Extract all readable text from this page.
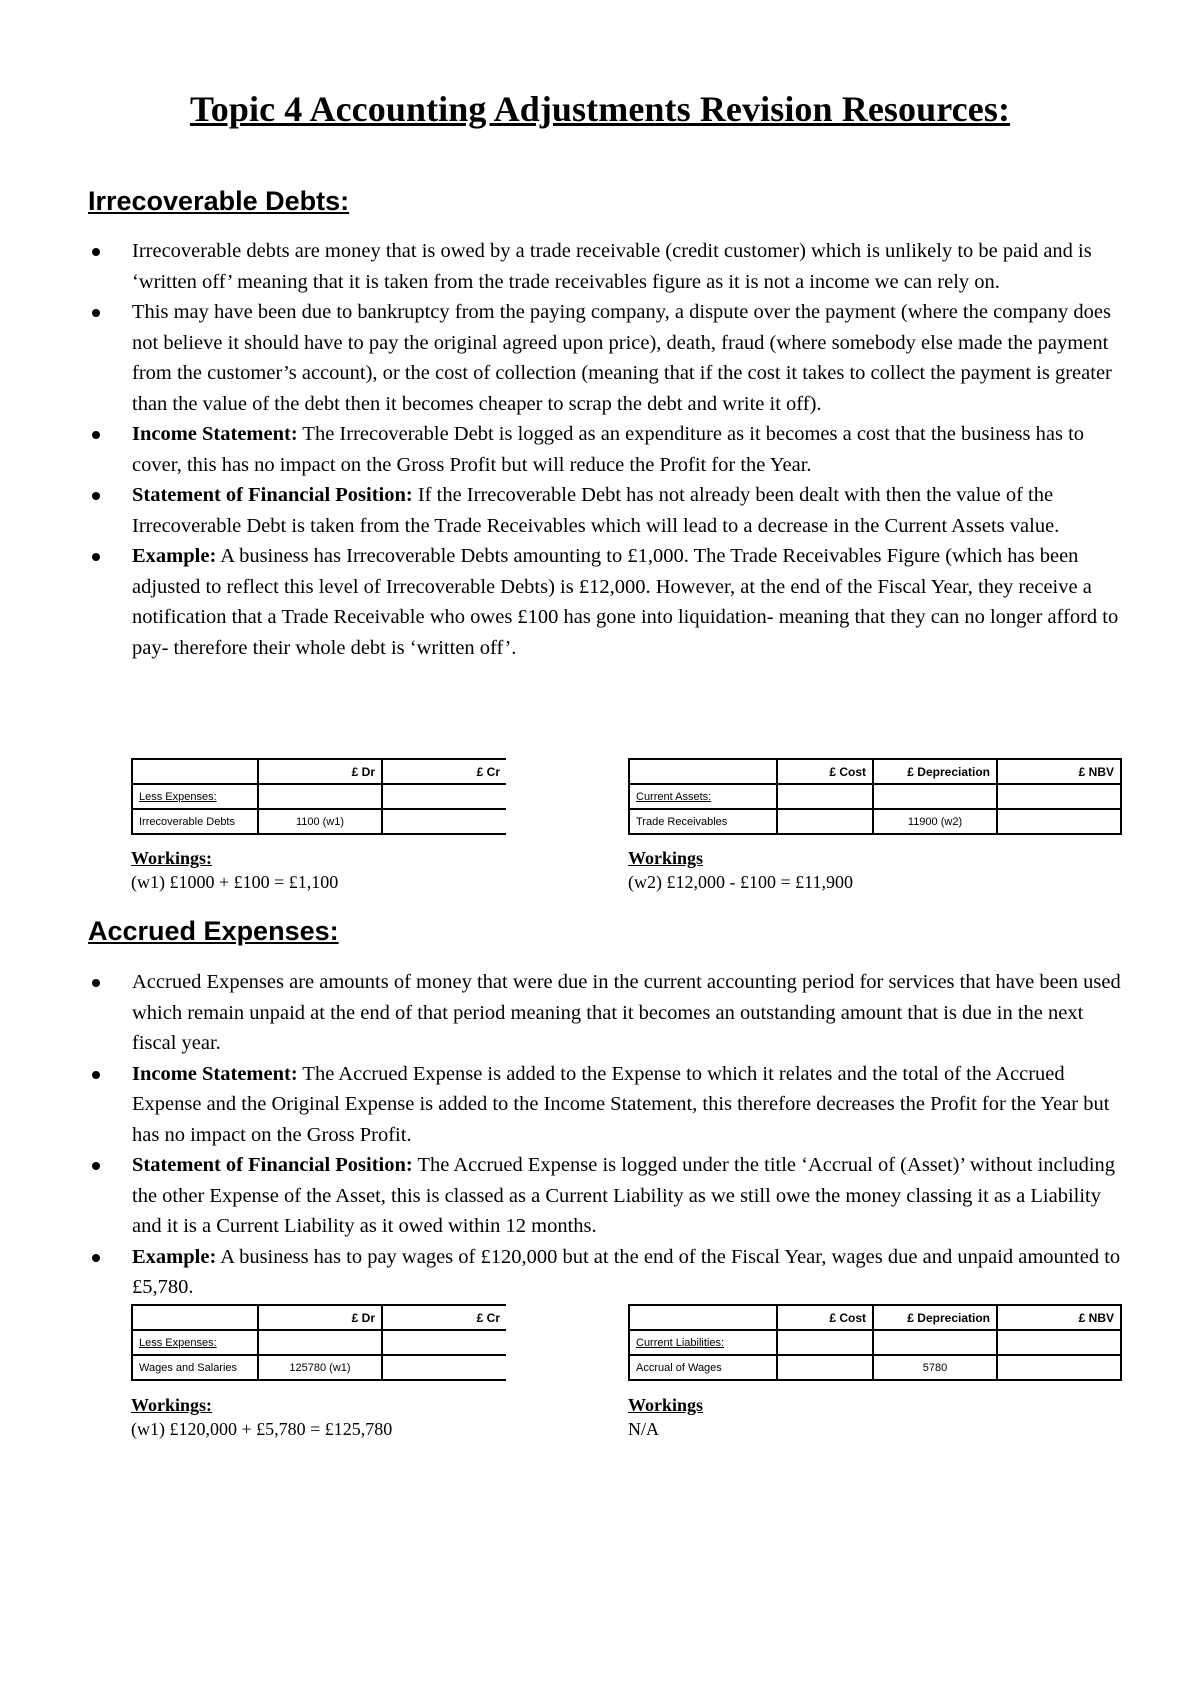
Topic 4 Accounting Adjustments Revision Resources:
Irrecoverable Debts:
Irrecoverable debts are money that is owed by a trade receivable (credit customer) which is unlikely to be paid and is ‘written off’ meaning that it is taken from the trade receivables figure as it is not a income we can rely on.
This may have been due to bankruptcy from the paying company, a dispute over the payment (where the company does not believe it should have to pay the original agreed upon price), death, fraud (where somebody else made the payment from the customer’s account), or the cost of collection (meaning that if the cost it takes to collect the payment is greater than the value of the debt then it becomes cheaper to scrap the debt and write it off).
Income Statement: The Irrecoverable Debt is logged as an expenditure as it becomes a cost that the business has to cover, this has no impact on the Gross Profit but will reduce the Profit for the Year.
Statement of Financial Position: If the Irrecoverable Debt has not already been dealt with then the value of the Irrecoverable Debt is taken from the Trade Receivables which will lead to a decrease in the Current Assets value.
Example: A business has Irrecoverable Debts amounting to £1,000. The Trade Receivables Figure (which has been adjusted to reflect this level of Irrecoverable Debts) is £12,000. However, at the end of the Fiscal Year, they receive a notification that a Trade Receivable who owes £100 has gone into liquidation- meaning that they can no longer afford to pay- therefore their whole debt is ‘written off’.
	£ Dr	£ Cr
Less Expenses:		
Irrecoverable Debts	1100 (w1)	
	£ Cost	£ Depreciation	£ NBV
Current Assets:			
Trade Receivables		11900 (w2)	
Workings:
(w1) £1000 + £100 = £1,100
Workings
(w2) £12,000 - £100 = £11,900
Accrued Expenses:
Accrued Expenses are amounts of money that were due in the current accounting period for services that have been used which remain unpaid at the end of that period meaning that it becomes an outstanding amount that is due in the next fiscal year.
Income Statement: The Accrued Expense is added to the Expense to which it relates and the total of the Accrued Expense and the Original Expense is added to the Income Statement, this therefore decreases the Profit for the Year but has no impact on the Gross Profit.
Statement of Financial Position: The Accrued Expense is logged under the title ‘Accrual of (Asset)’ without including the other Expense of the Asset, this is classed as a Current Liability as we still owe the money classing it as a Liability and it is a Current Liability as it owed within 12 months.
Example: A business has to pay wages of £120,000 but at the end of the Fiscal Year, wages due and unpaid amounted to £5,780.
	£ Dr	£ Cr
Less Expenses:		
Wages and Salaries	125780 (w1)	
	£ Cost	£ Depreciation	£ NBV
Current Liabilities:			
Accrual of Wages		5780	
Workings:
(w1) £120,000 + £5,780 = £125,780
Workings
N/A
